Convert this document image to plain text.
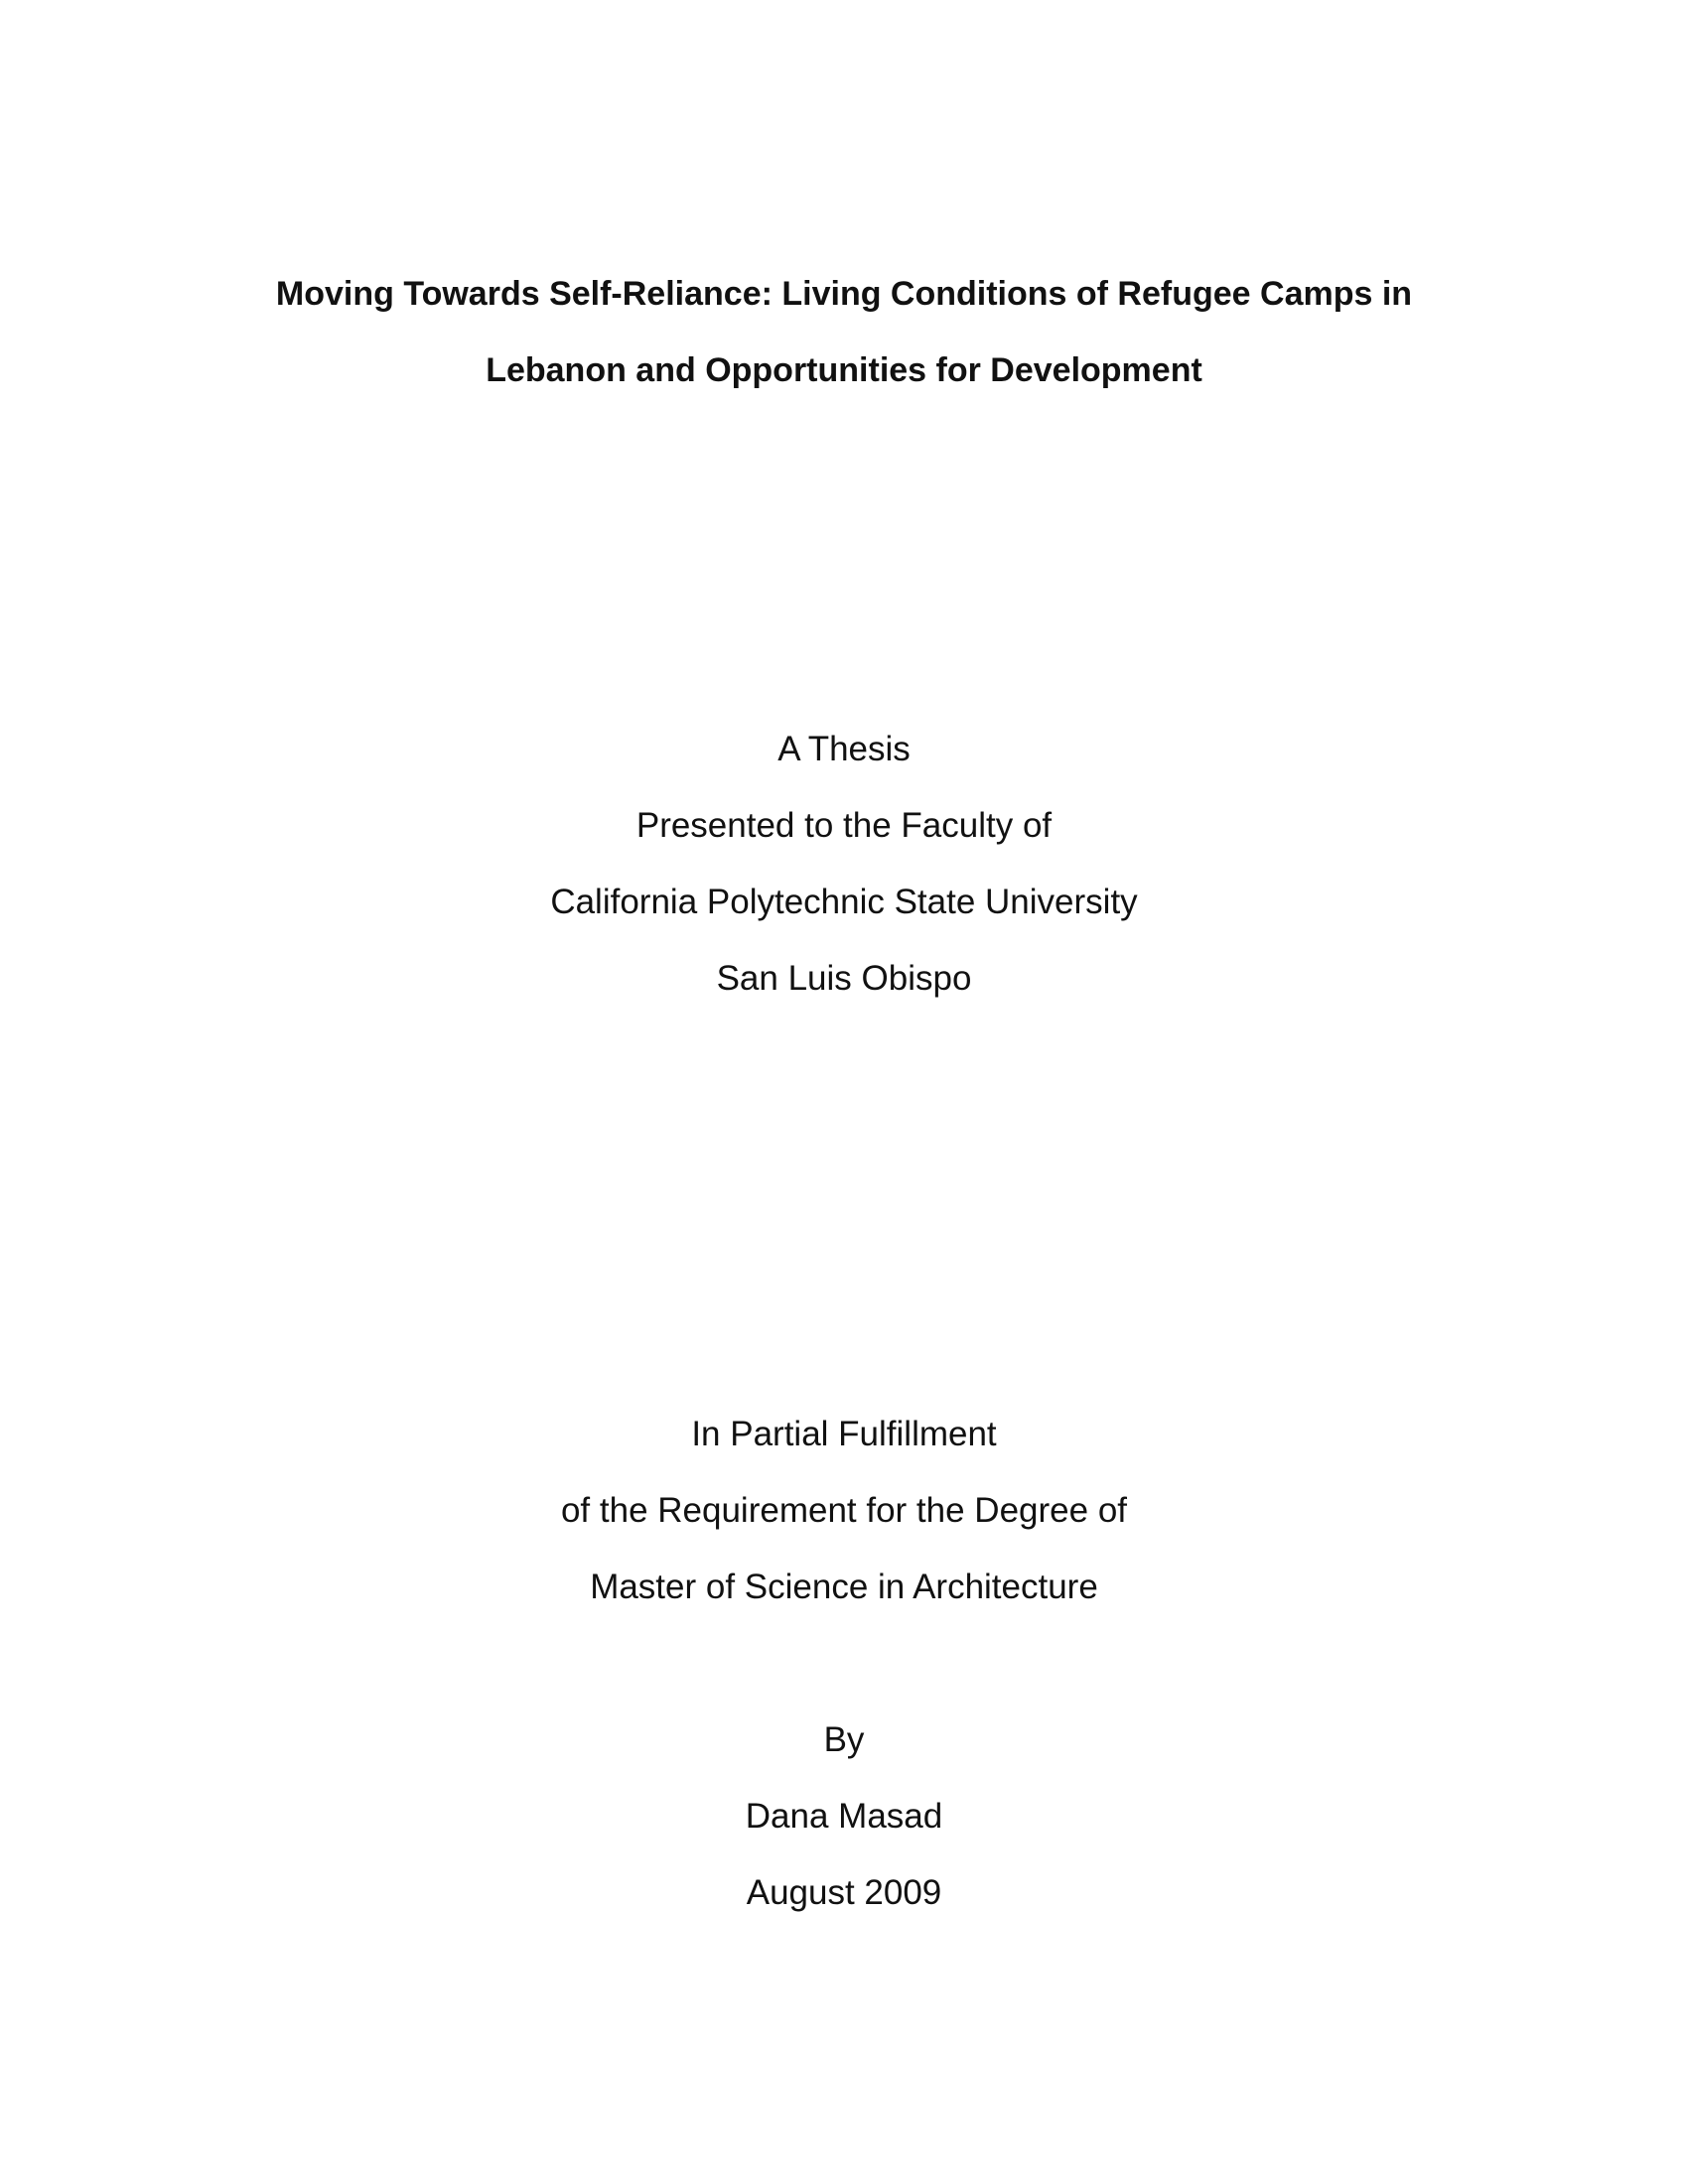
Moving Towards Self-Reliance: Living Conditions of Refugee Camps in
Lebanon and Opportunities for Development

A Thesis

Presented to the Faculty of

California Polytechnic State University

San Luis Obispo

In Partial Fulfillment

of the Requirement for the Degree of

Master of Science in Architecture

By

Dana Masad

August 2009
